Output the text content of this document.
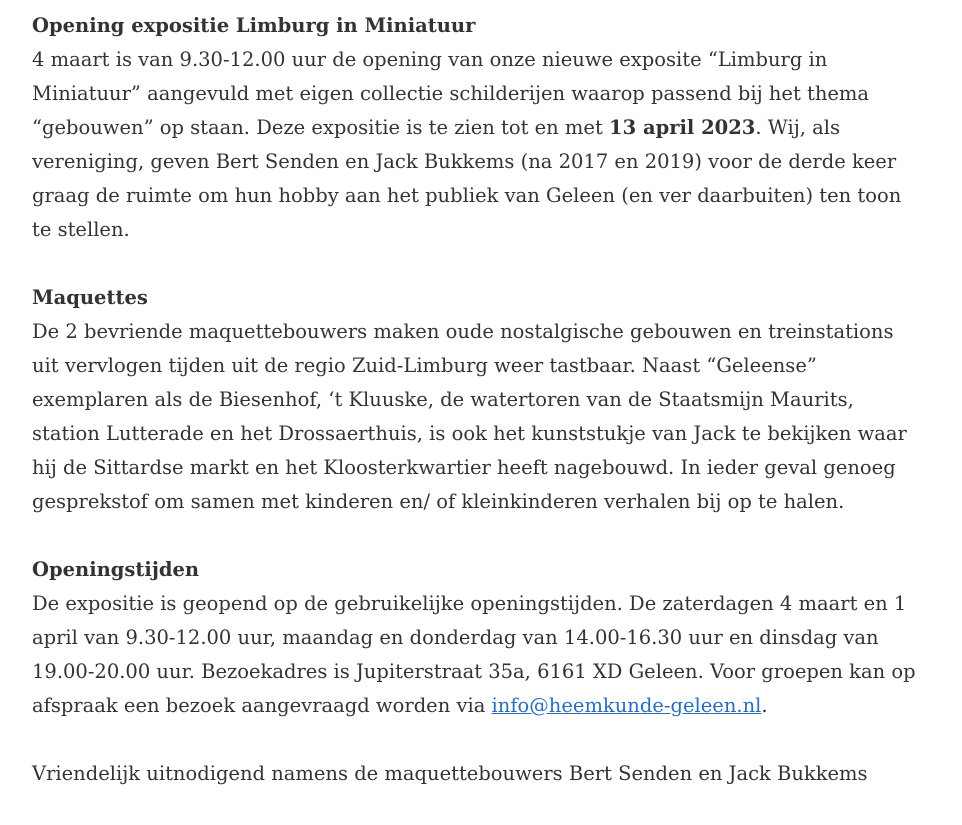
Opening expositie Limburg in Miniatuur

4 maart is van 9.30-12.00 uur de opening van onze nieuwe exposite “Limburg in
Miniatuur” aangevuld met eigen collectie schilderijen waarop passend bij het thema
“gebouwen” op staan. Deze expositie is te zien tot en met 13 april 2023. Wij, als
vereniging, geven Bert Senden en Jack Bukkems (na 2017 en 2019) voor de derde keer
graag de ruimte om hun hobby aan het publiek van Geleen (en ver daarbuiten) ten toon
te stellen.

Maquettes

De 2 bevriende maquettebouwers maken oude nostalgische gebouwen en treinstations
uit vervlogen tijden uit de regio Zuid-Limburg weer tastbaar. Naast “Geleense”
exemplaren als de Biesenhof, ‘t Kluuske, de watertoren van de Staatsmijn Maurits,
station Lutterade en het Drossaerthuis, is ook het kunststukje van Jack te bekijken waar
hij de Sittardse markt en het Kloosterkwartier heeft nagebouwd. In ieder geval genoeg
gesprekstof om samen met kinderen en/ of kleinkinderen verhalen bij op te halen.

Openingstijden

De expositie is geopend op de gebruikelijke openingstijden. De zaterdagen 4 maart en 1
april van 9.30-12.00 uur, maandag en donderdag van 14.00-16.30 uur en dinsdag van
19.00-20.00 uur. Bezoekadres is Jupiterstraat 35a, 6161 XD Geleen. Voor groepen kan op
afspraak een bezoek aangevraagd worden via info@heemkunde-geleen.nl.

Vriendelijk uitnodigend namens de maquettebouwers Bert Senden en Jack Bukkems
